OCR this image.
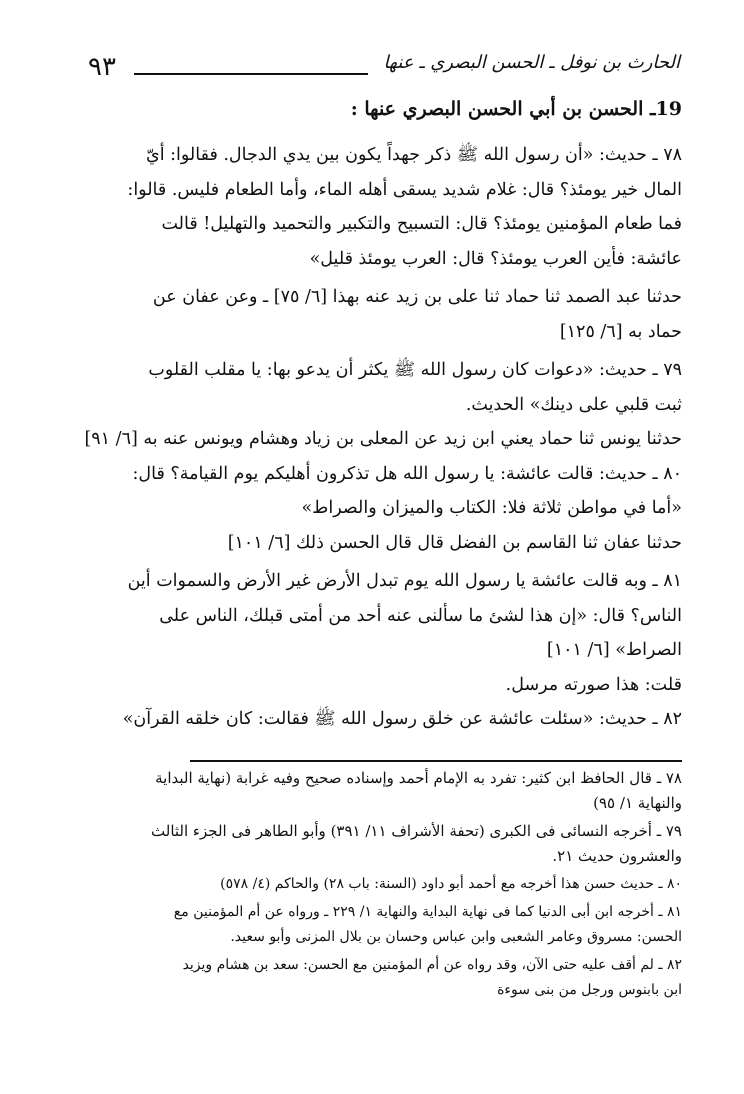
٩٣	الحارث بن نوفل ـ الحسن البصري ـ عنها
19ـ الحسن بن أبي الحسن البصري عنها :

٧٨ ـ حديث: «أن رسول الله ﷺ ذكر جهداً يكون بين يدي الدجال. فقالوا: أيّ
المال خير يومئذ؟ قال: غلام شديد يسقى أهله الماء، وأما الطعام فليس. قالوا:
فما طعام المؤمنين يومئذ؟ قال: التسبيح والتكبير والتحميد والتهليل! قالت
عائشة: فأين العرب يومئذ؟ قال: العرب يومئذ قليل»

حدثنا عبد الصمد ثنا حماد ثنا على بن زيد عنه بهذا [٦/ ٧٥] ـ وعن عفان عن
حماد به [٦/ ١٢٥]

٧٩ ـ حديث: «دعوات كان رسول الله ﷺ يكثر أن يدعو بها: يا مقلب القلوب
ثبت قلبي على دينك» الحديث.

حدثنا يونس ثنا حماد يعني ابن زيد عن المعلى بن زياد وهشام ويونس عنه به [٦/ ٩١]

٨٠ ـ حديث: قالت عائشة: يا رسول الله هل تذكرون أهليكم يوم القيامة؟ قال:
«أما في مواطن ثلاثة فلا: الكتاب والميزان والصراط»

حدثنا عفان ثنا القاسم بن الفضل قال قال الحسن ذلك [٦/ ١٠١]

٨١ ـ وبه قالت عائشة يا رسول الله يوم تبدل الأرض غير الأرض والسموات أين
الناس؟ قال: «إن هذا لشئ ما سألنى عنه أحد من أمتى قبلك، الناس على
الصراط» [٦/ ١٠١]

قلت: هذا صورته مرسل.

٨٢ ـ حديث: «سئلت عائشة عن خلق رسول الله ﷺ فقالت: كان خلقه القرآن»

٧٨ ـ قال الحافظ ابن كثير: تفرد به الإمام أحمد وإسناده صحيح وفيه غرابة (نهاية البداية
والنهاية ١/ ٩٥)

٧٩ ـ أخرجه النسائى فى الكبرى (تحفة الأشراف ١١/ ٣٩١) وأبو الطاهر فى الجزء الثالث
والعشرون حديث ٢١.

٨٠ ـ حديث حسن هذا أخرجه مع أحمد أبو داود (السنة: باب ٢٨) والحاكم (٤/ ٥٧٨)

٨١ ـ أخرجه ابن أبى الدنيا كما فى نهاية البداية والنهاية ١/ ٢٢٩ ـ ورواه عن أم المؤمنين مع
الحسن: مسروق وعامر الشعبى وابن عباس وحسان بن بلال المزنى وأبو سعيد.

٨٢ ـ لم أقف عليه حتى الآن، وقد رواه عن أم المؤمنين مع الحسن: سعد بن هشام ويزيد
ابن بابنوس ورجل من بنى سوءة
